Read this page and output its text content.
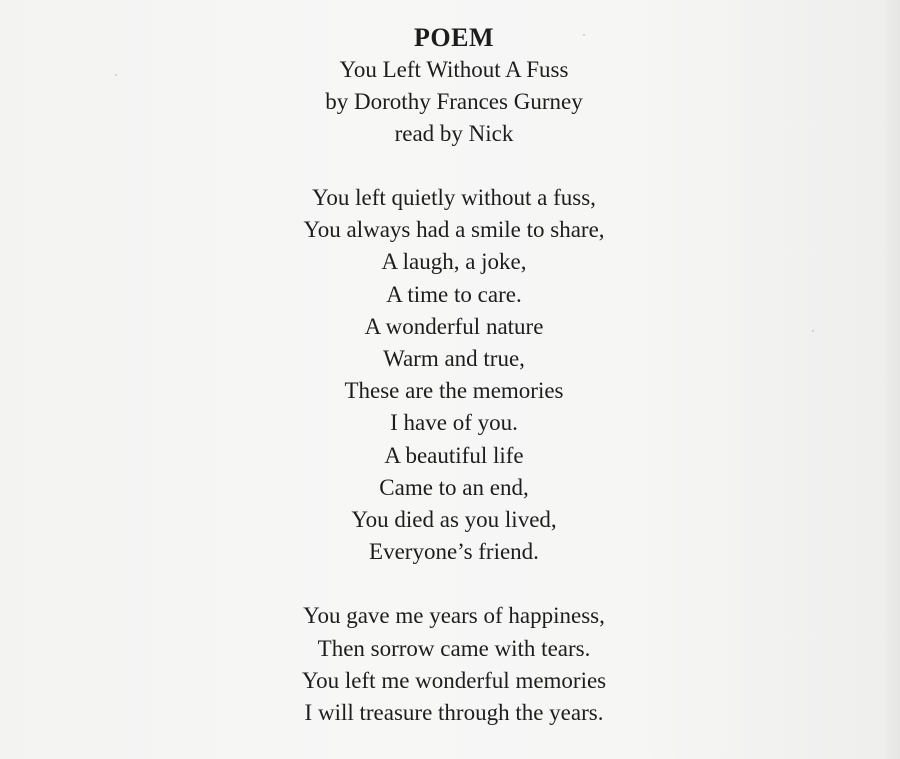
POEM

You Left Without A Fuss

by Dorothy Frances Gurney

read by Nick

You left quietly without a fuss,

You always had a smile to share,

A laugh, a joke,

A time to care.

A wonderful nature

Warm and true,

These are the memories

I have of you.

A beautiful life

Came to an end,

You died as you lived,

Everyone’s friend.

You gave me years of happiness,

Then sorrow came with tears.

You left me wonderful memories

I will treasure through the years.
